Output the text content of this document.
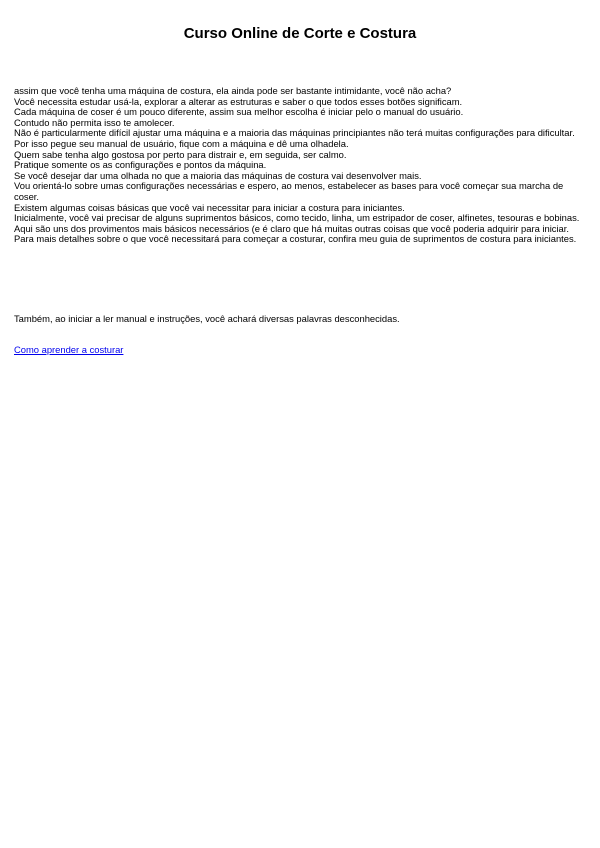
Curso Online de Corte e Costura

assim que você tenha uma máquina de costura, ela ainda pode ser bastante intimidante, você não acha?

Você necessita estudar usá-la, explorar a alterar as estruturas e saber o que todos esses botões significam.

Cada máquina de coser é um pouco diferente, assim sua melhor escolha é iniciar pelo o manual do usuário.

Contudo não permita isso te amolecer.

Não é particularmente difícil ajustar uma máquina e a maioria das máquinas principiantes não terá muitas configurações para dificultar.

Por isso pegue seu manual de usuário, fique com a máquina e dê uma olhadela.

Quem sabe tenha algo gostosa por perto para distrair e, em seguida, ser calmo.

Pratique somente os as configurações e pontos da máquina.

Se você desejar dar uma olhada no que a maioria das máquinas de costura vai desenvolver mais.

Vou orientá-lo sobre umas configurações necessárias e espero, ao menos, estabelecer as bases para você começar sua marcha de coser.

Existem algumas coisas básicas que você vai necessitar para iniciar a costura para iniciantes.

Inicialmente, você vai precisar de alguns suprimentos básicos, como tecido, linha, um estripador de coser, alfinetes, tesouras e bobinas.

Aqui são uns dos provimentos mais básicos necessários (e é claro que há muitas outras coisas que você poderia adquirir para iniciar.

Para mais detalhes sobre o que você necessitará para começar a costurar, confira meu guia de suprimentos de costura para iniciantes.

Também, ao iniciar a ler manual e instruções, você achará diversas palavras desconhecidas.

Como aprender a costurar
